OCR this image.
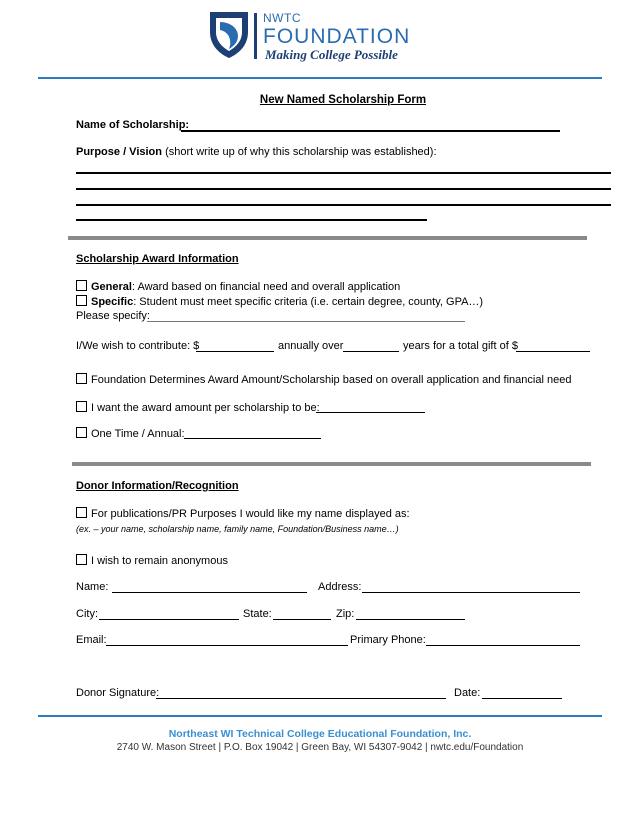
NWTC
FOUNDATION
Making College Possible
New Named Scholarship Form
Name of Scholarship:
Purpose / Vision (short write up of why this scholarship was established):
Scholarship Award Information
General: Award based on financial need and overall application
Specific: Student must meet specific criteria (i.e. certain degree, county, GPA…)
Please specify:
I/We wish to contribute: $	annually over	years for a total gift of $
Foundation Determines Award Amount/Scholarship based on overall application and financial need
I want the award amount per scholarship to be:
One Time / Annual:
Donor Information/Recognition
For publications/PR Purposes I would like my name displayed as:
(ex. – your name, scholarship name, family name, Foundation/Business name…)
I wish to remain anonymous
Name:	Address:
City:	State:	Zip:
Email:	Primary Phone:
Donor Signature:	Date:
Northeast WI Technical College Educational Foundation, Inc.
2740 W. Mason Street | P.O. Box 19042 | Green Bay, WI 54307-9042 | nwtc.edu/Foundation
